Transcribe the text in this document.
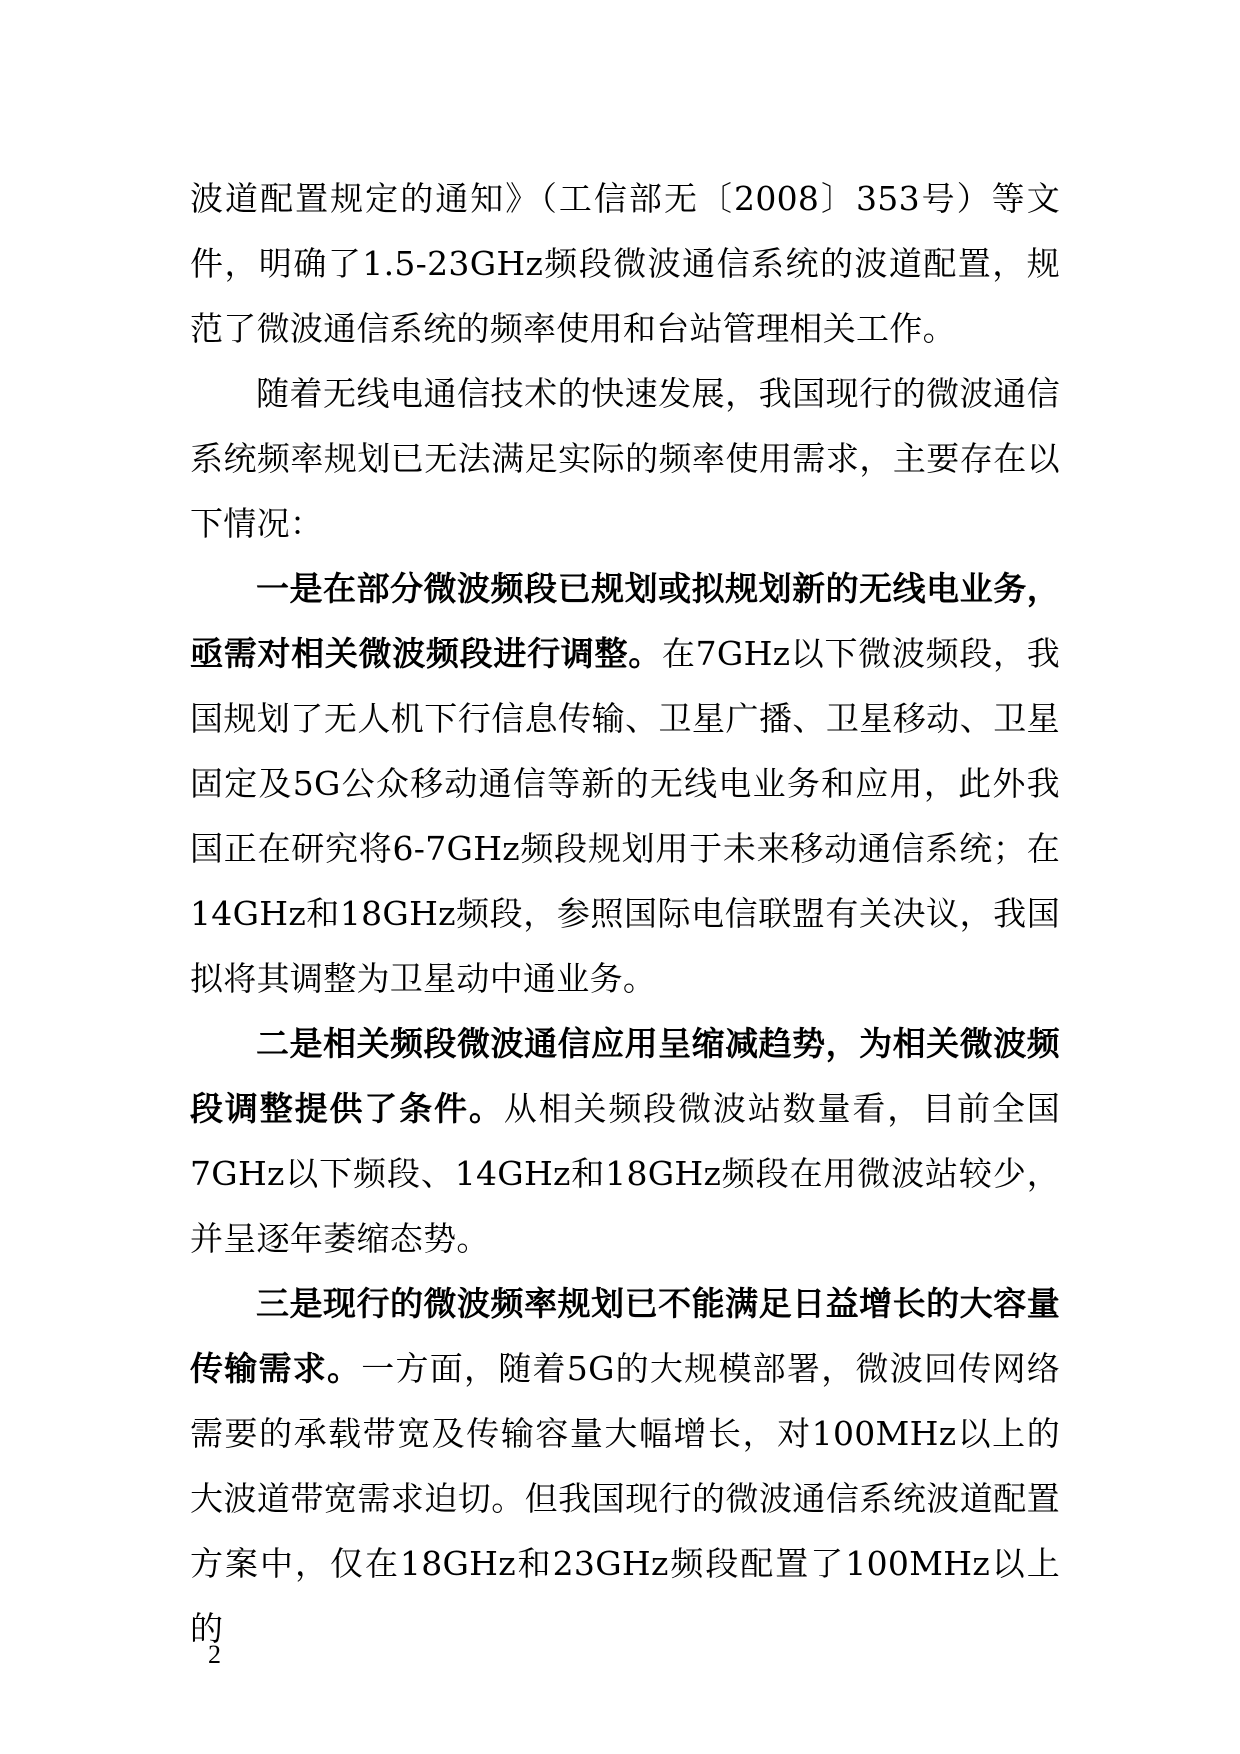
波道配置规定的通知》（工信部无〔2008〕353号）等文件，明确了1.5-23GHz频段微波通信系统的波道配置，规范了微波通信系统的频率使用和台站管理相关工作。

随着无线电通信技术的快速发展，我国现行的微波通信系统频率规划已无法满足实际的频率使用需求，主要存在以下情况：

一是在部分微波频段已规划或拟规划新的无线电业务，亟需对相关微波频段进行调整。在7GHz以下微波频段，我国规划了无人机下行信息传输、卫星广播、卫星移动、卫星固定及5G公众移动通信等新的无线电业务和应用，此外我国正在研究将6-7GHz频段规划用于未来移动通信系统；在14GHz和18GHz频段，参照国际电信联盟有关决议，我国拟将其调整为卫星动中通业务。

二是相关频段微波通信应用呈缩减趋势，为相关微波频段调整提供了条件。从相关频段微波站数量看，目前全国7GHz以下频段、14GHz和18GHz频段在用微波站较少，并呈逐年萎缩态势。

三是现行的微波频率规划已不能满足日益增长的大容量传输需求。一方面，随着5G的大规模部署，微波回传网络需要的承载带宽及传输容量大幅增长，对100MHz以上的大波道带宽需求迫切。但我国现行的微波通信系统波道配置方案中，仅在18GHz和23GHz频段配置了100MHz以上的

2
